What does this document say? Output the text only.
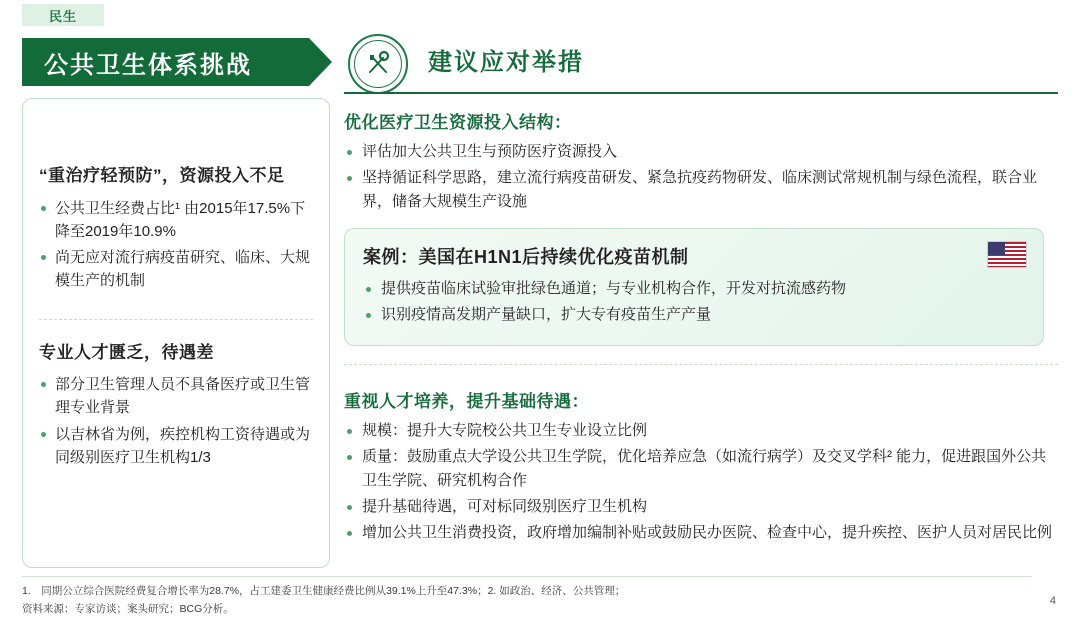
民生
公共卫生体系挑战
“重治疗轻预防”，资源投入不足
公共卫生经费占比¹ 由2015年17.5%下降至2019年10.9%
尚无应对流行病疫苗研究、临床、大规模生产的机制
专业人才匮乏，待遇差
部分卫生管理人员不具备医疗或卫生管理专业背景
以吉林省为例，疾控机构工资待遇或为同级别医疗卫生机构1/3
建议应对举措
优化医疗卫生资源投入结构：
评估加大公共卫生与预防医疗资源投入
坚持循证科学思路，建立流行病疫苗研发、紧急抗疫药物研发、临床测试常规机制与绿色流程，联合业界，储备大规模生产设施
案例：美国在H1N1后持续优化疫苗机制
提供疫苗临床试验审批绿色通道；与专业机构合作，开发对抗流感药物
识别疫情高发期产量缺口，扩大专有疫苗生产产量
重视人才培养，提升基础待遇：
规模：提升大专院校公共卫生专业设立比例
质量：鼓励重点大学设公共卫生学院，优化培养应急（如流行病学）及交叉学科² 能力，促进跟国外公共卫生学院、研究机构合作
提升基础待遇，可对标同级别医疗卫生机构
增加公共卫生消费投资，政府增加编制补贴或鼓励民办医院、检查中心，提升疾控、医护人员对居民比例
1.　同期公立综合医院经费复合增长率为28.7%，占工建委卫生健康经费比例从39.1%上升至47.3%；2. 如政治、经济、公共管理；
资料来源：专家访谈；案头研究；BCG分析。
4
